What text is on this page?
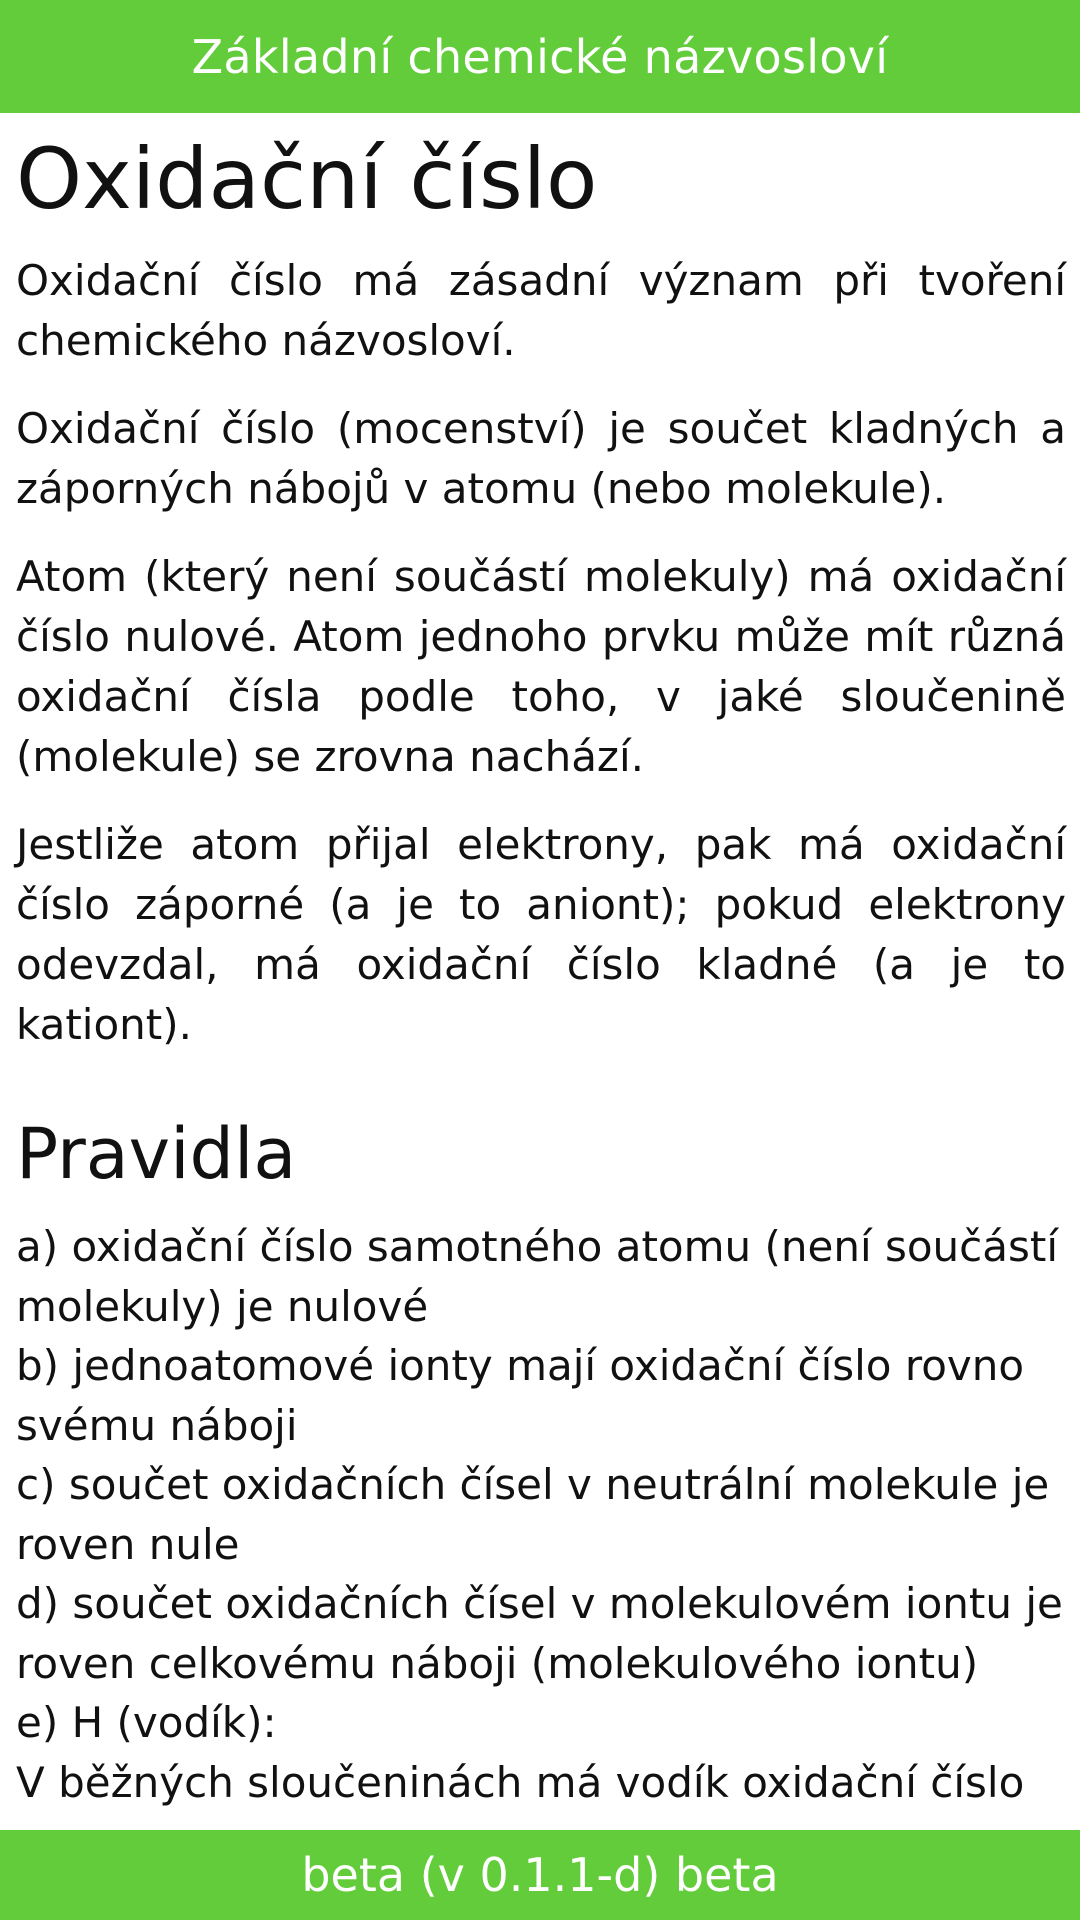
Základní chemické názvosloví
Oxidační číslo

Oxidační číslo má zásadní význam při tvoření chemického názvosloví.

Oxidační číslo (mocenství) je součet kladných a záporných nábojů v atomu (nebo molekule).

Atom (který není součástí molekuly) má oxidační číslo nulové. Atom jednoho prvku může mít různá oxidační čísla podle toho, v jaké sloučenině (molekule) se zrovna nachází.

Jestliže atom přijal elektrony, pak má oxidační číslo záporné (a je to aniont); pokud elektrony odevzdal, má oxidační číslo kladné (a je to kationt).

Pravidla
a) oxidační číslo samotného atomu (není součástí molekuly) je nulové
b) jednoatomové ionty mají oxidační číslo rovno svému náboji
c) součet oxidačních čísel v neutrální molekule je roven nule
d) součet oxidačních čísel v molekulovém iontu je roven celkovému náboji (molekulového iontu)
e) H (vodík):
V běžných sloučeninách má vodík oxidační číslo
beta (v 0.1.1-d) beta
